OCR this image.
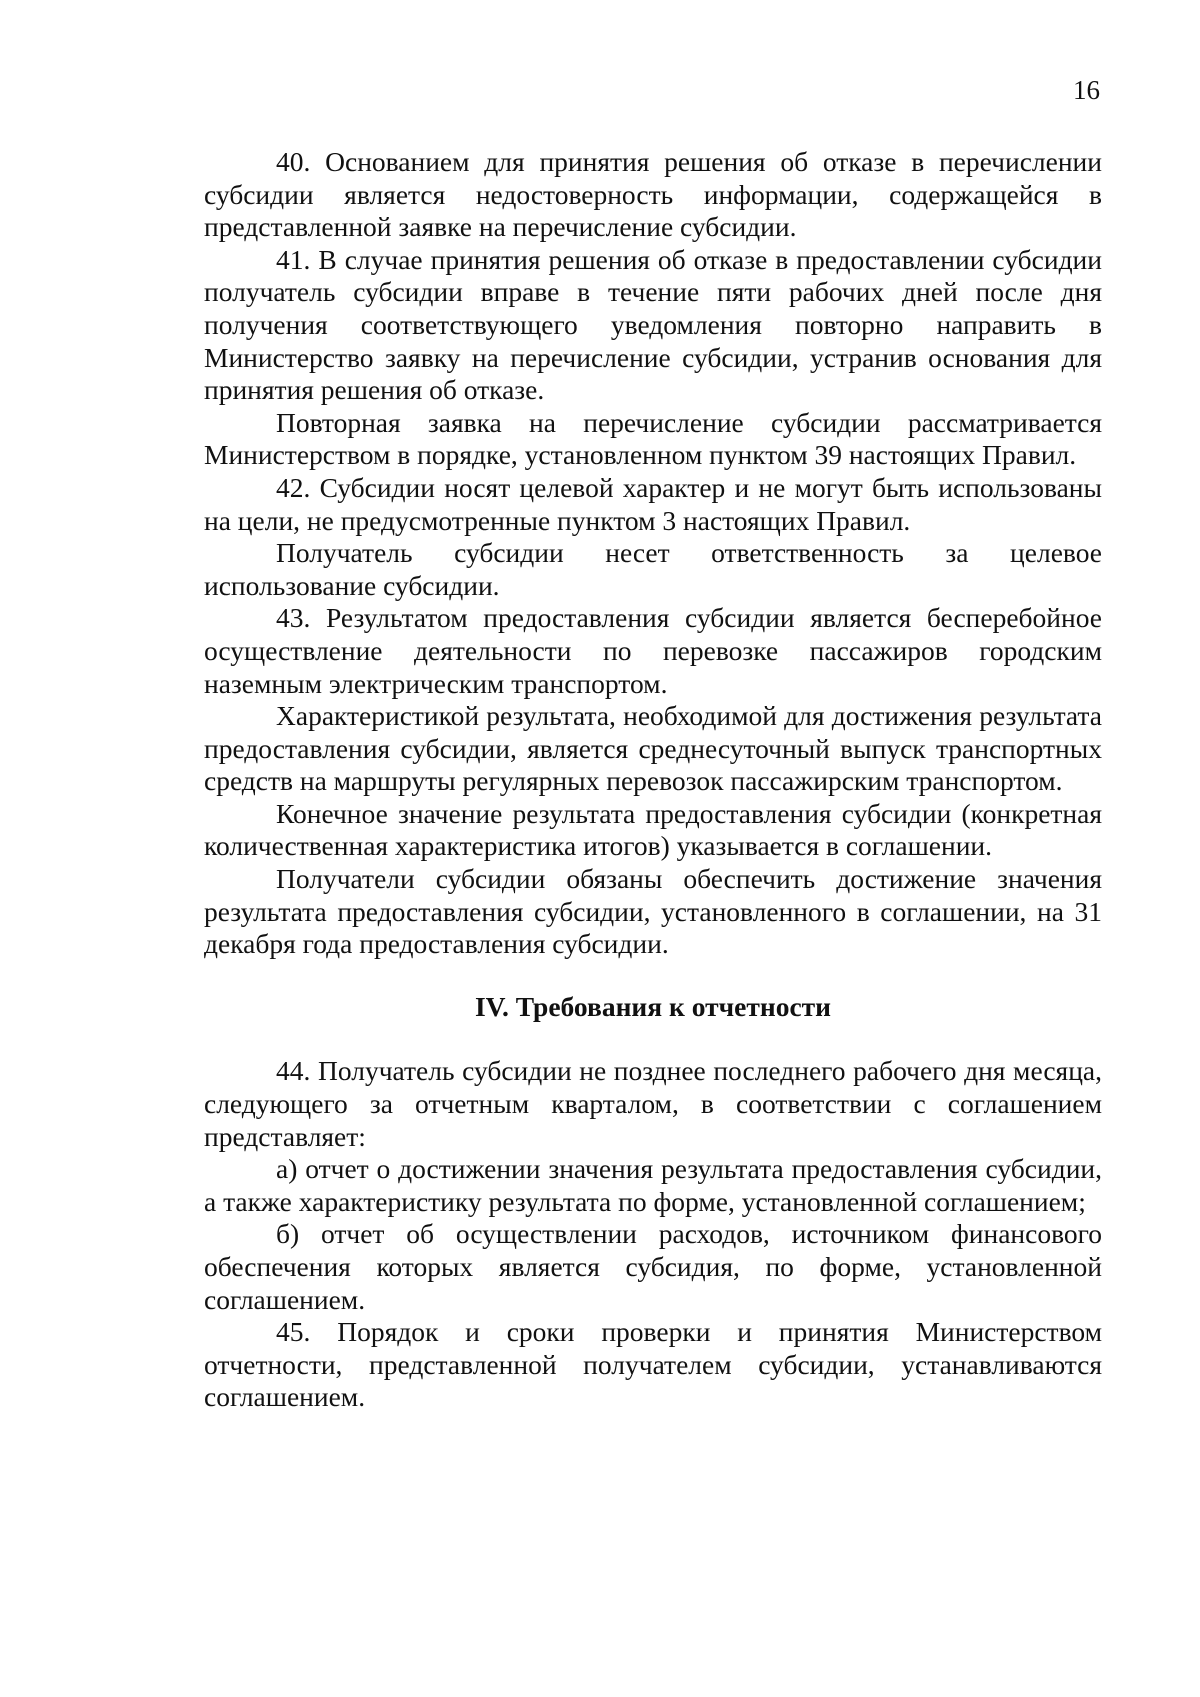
16

40. Основанием для принятия решения об отказе в перечислении субсидии является недостоверность информации, содержащейся в представленной заявке на перечисление субсидии.

41. В случае принятия решения об отказе в предоставлении субсидии получатель субсидии вправе в течение пяти рабочих дней после дня получения соответствующего уведомления повторно направить в Министерство заявку на перечисление субсидии, устранив основания для принятия решения об отказе.

Повторная заявка на перечисление субсидии рассматривается Министерством в порядке, установленном пунктом 39 настоящих Правил.

42. Субсидии носят целевой характер и не могут быть использованы на цели, не предусмотренные пунктом 3 настоящих Правил.

Получатель субсидии несет ответственность за целевое использование субсидии.

43. Результатом предоставления субсидии является бесперебойное осуществление деятельности по перевозке пассажиров городским наземным электрическим транспортом.

Характеристикой результата, необходимой для достижения результата предоставления субсидии, является среднесуточный выпуск транспортных средств на маршруты регулярных перевозок пассажирским транспортом.

Конечное значение результата предоставления субсидии (конкретная количественная характеристика итогов) указывается в соглашении.

Получатели субсидии обязаны обеспечить достижение значения результата предоставления субсидии, установленного в соглашении, на 31 декабря года предоставления субсидии.

IV. Требования к отчетности

44. Получатель субсидии не позднее последнего рабочего дня месяца, следующего за отчетным кварталом, в соответствии с соглашением представляет:

а) отчет о достижении значения результата предоставления субсидии, а также характеристику результата по форме, установленной соглашением;

б) отчет об осуществлении расходов, источником финансового обеспечения которых является субсидия, по форме, установленной соглашением.

45. Порядок и сроки проверки и принятия Министерством отчетности, представленной получателем субсидии, устанавливаются соглашением.
